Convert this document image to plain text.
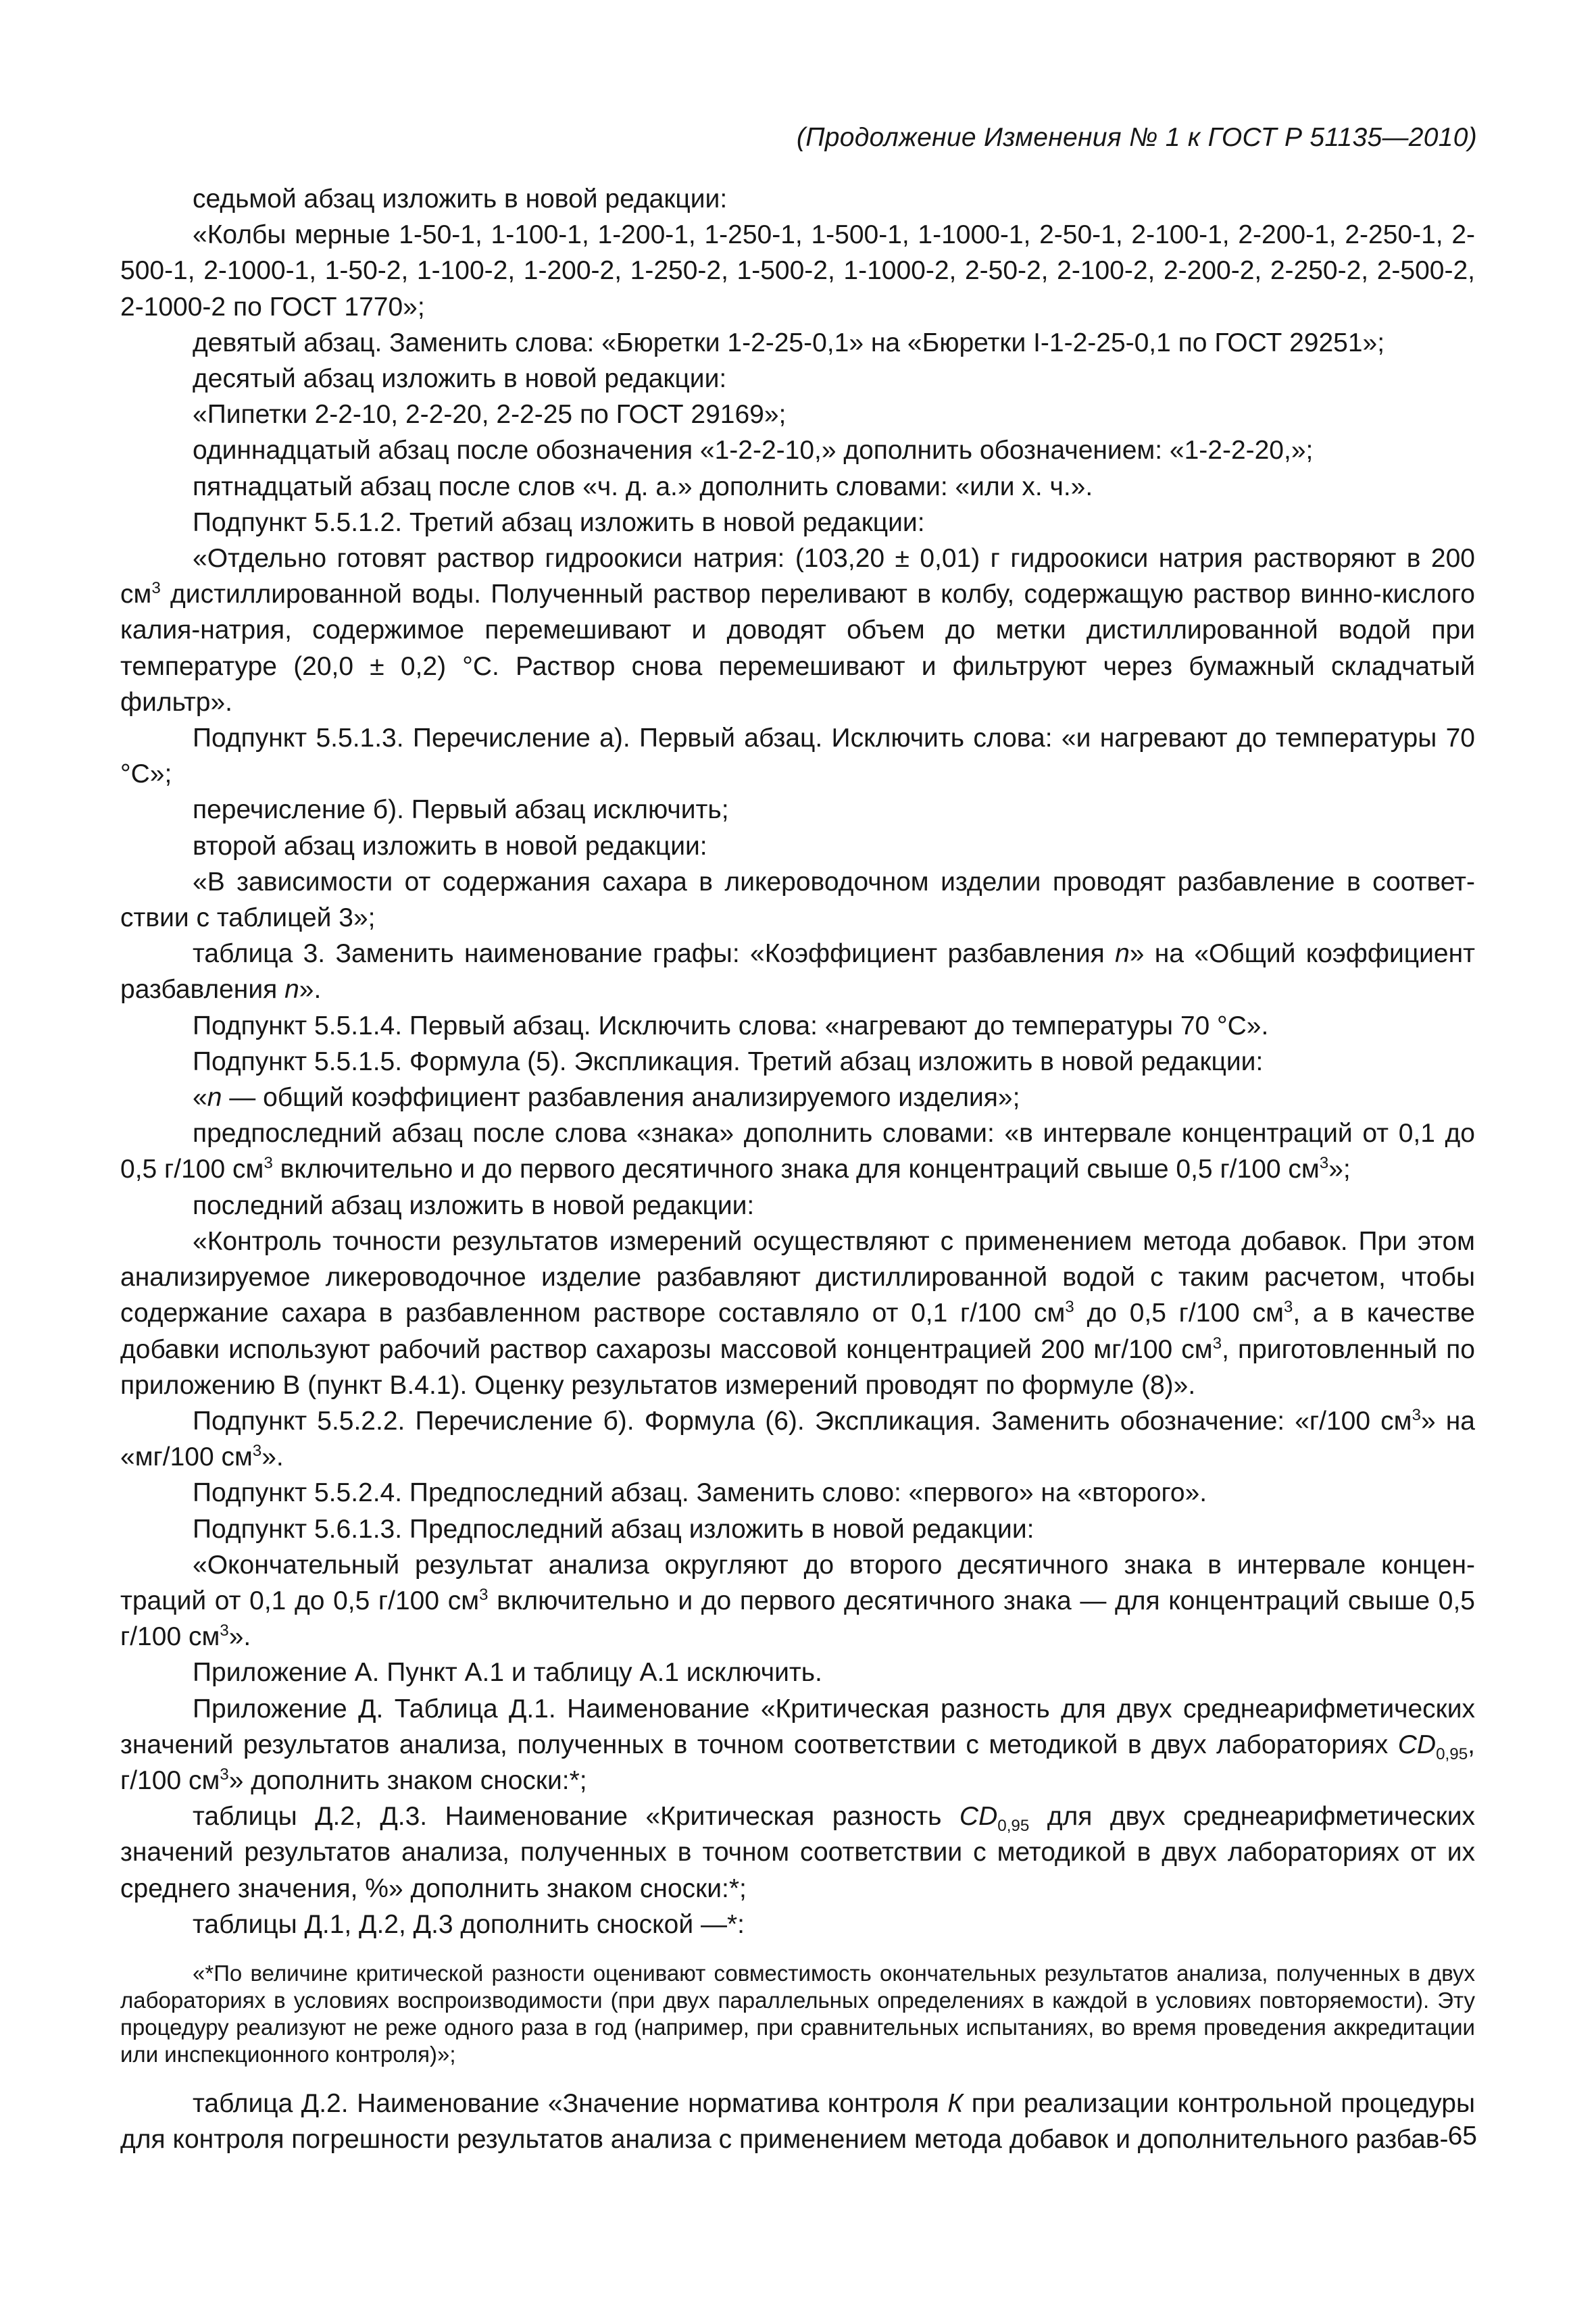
(Продолжение Изменения № 1 к ГОСТ Р 51135—2010)

седьмой абзац изложить в новой редакции:

«Колбы мерные 1-50-1, 1-100-1, 1-200-1, 1-250-1, 1-500-1, 1-1000-1, 2-50-1, 2-100-1, 2-200-1, 2-250-1, 2-500-1, 2-1000-1, 1-50-2, 1-100-2, 1-200-2, 1-250-2, 1-500-2, 1-1000-2, 2-50-2, 2-100-2, 2-200-2, 2-250-2, 2-500-2, 2-1000-2 по ГОСТ 1770»;

девятый абзац. Заменить слова: «Бюретки 1-2-25-0,1» на «Бюретки I-1-2-25-0,1 по ГОСТ 29251»;

десятый абзац изложить в новой редакции:

«Пипетки 2-2-10, 2-2-20, 2-2-25 по ГОСТ 29169»;

одиннадцатый абзац после обозначения «1-2-2-10,» дополнить обозначением: «1-2-2-20,»;

пятнадцатый абзац после слов «ч. д. а.» дополнить словами: «или х. ч.».

Подпункт 5.5.1.2. Третий абзац изложить в новой редакции:

«Отдельно готовят раствор гидроокиси натрия: (103,20 ± 0,01) г гидроокиси натрия растворяют в 200 $см^3$ дистиллированной воды. Полученный раствор переливают в колбу, содержащую раствор винно-кислого калия-натрия, содержимое перемешивают и доводят объем до метки дистиллированной водой при температуре (20,0 ± 0,2) °С. Раствор снова перемешивают и фильтруют через бумажный складчатый фильтр».

Подпункт 5.5.1.3. Перечисление а). Первый абзац. Исключить слова: «и нагревают до температуры 70 °С»;

перечисление б). Первый абзац исключить;

второй абзац изложить в новой редакции:

«В зависимости от содержания сахара в ликероводочном изделии проводят разбавление в соответ-ствии с таблицей 3»;

таблица 3. Заменить наименование графы: «Коэффициент разбавления n» на «Общий коэффициент разбавления n».

Подпункт 5.5.1.4. Первый абзац. Исключить слова: «нагревают до температуры 70 °С».

Подпункт 5.5.1.5. Формула (5). Экспликация. Третий абзац изложить в новой редакции:

«n — общий коэффициент разбавления анализируемого изделия»;

предпоследний абзац после слова «знака» дополнить словами: «в интервале концентраций от 0,1 до 0,5 г/100 $см^3$ включительно и до первого десятичного знака для концентраций свыше 0,5 г/100 $см^3$»;

последний абзац изложить в новой редакции:

«Контроль точности результатов измерений осуществляют с применением метода добавок. При этом анализируемое ликероводочное изделие разбавляют дистиллированной водой с таким расчетом, чтобы содержание сахара в разбавленном растворе составляло от 0,1 г/100 $см^3$ до 0,5 г/100 $см^3$, а в качестве добавки используют рабочий раствор сахарозы массовой концентрацией 200 мг/100 $см^3$, приготовленный по приложению В (пункт В.4.1). Оценку результатов измерений проводят по формуле (8)».

Подпункт 5.5.2.2. Перечисление б). Формула (6). Экспликация. Заменить обозначение: «г/100 $см^3$» на «мг/100 $см^3$».

Подпункт 5.5.2.4. Предпоследний абзац. Заменить слово: «первого» на «второго».

Подпункт 5.6.1.3. Предпоследний абзац изложить в новой редакции:

«Окончательный результат анализа округляют до второго десятичного знака в интервале концен-траций от 0,1 до 0,5 г/100 $см^3$ включительно и до первого десятичного знака — для концентраций свыше 0,5 г/100 $см^3$».

Приложение А. Пункт А.1 и таблицу А.1 исключить.

Приложение Д. Таблица Д.1. Наименование «Критическая разность для двух среднеарифметических значений результатов анализа, полученных в точном соответствии с методикой в двух лабораториях $CD_{0,95}$, г/100 $см^3$» дополнить знаком сноски:*;

таблицы Д.2, Д.3. Наименование «Критическая разность $CD_{0,95}$ для двух среднеарифметических значений результатов анализа, полученных в точном соответствии с методикой в двух лабораториях от их среднего значения, %» дополнить знаком сноски:*;

таблицы Д.1, Д.2, Д.3 дополнить сноской —*:

«*По величине критической разности оценивают совместимость окончательных результатов анализа, полученных в двух лабораториях в условиях воспроизводимости (при двух параллельных определениях в каждой в условиях повторяемости). Эту процедуру реализуют не реже одного раза в год (например, при сравнительных испытаниях, во время проведения аккредитации или инспекционного контроля)»;

таблица Д.2. Наименование «Значение норматива контроля К при реализации контрольной процедуры для контроля погрешности результатов анализа с применением метода добавок и дополнительного разбав- 65
